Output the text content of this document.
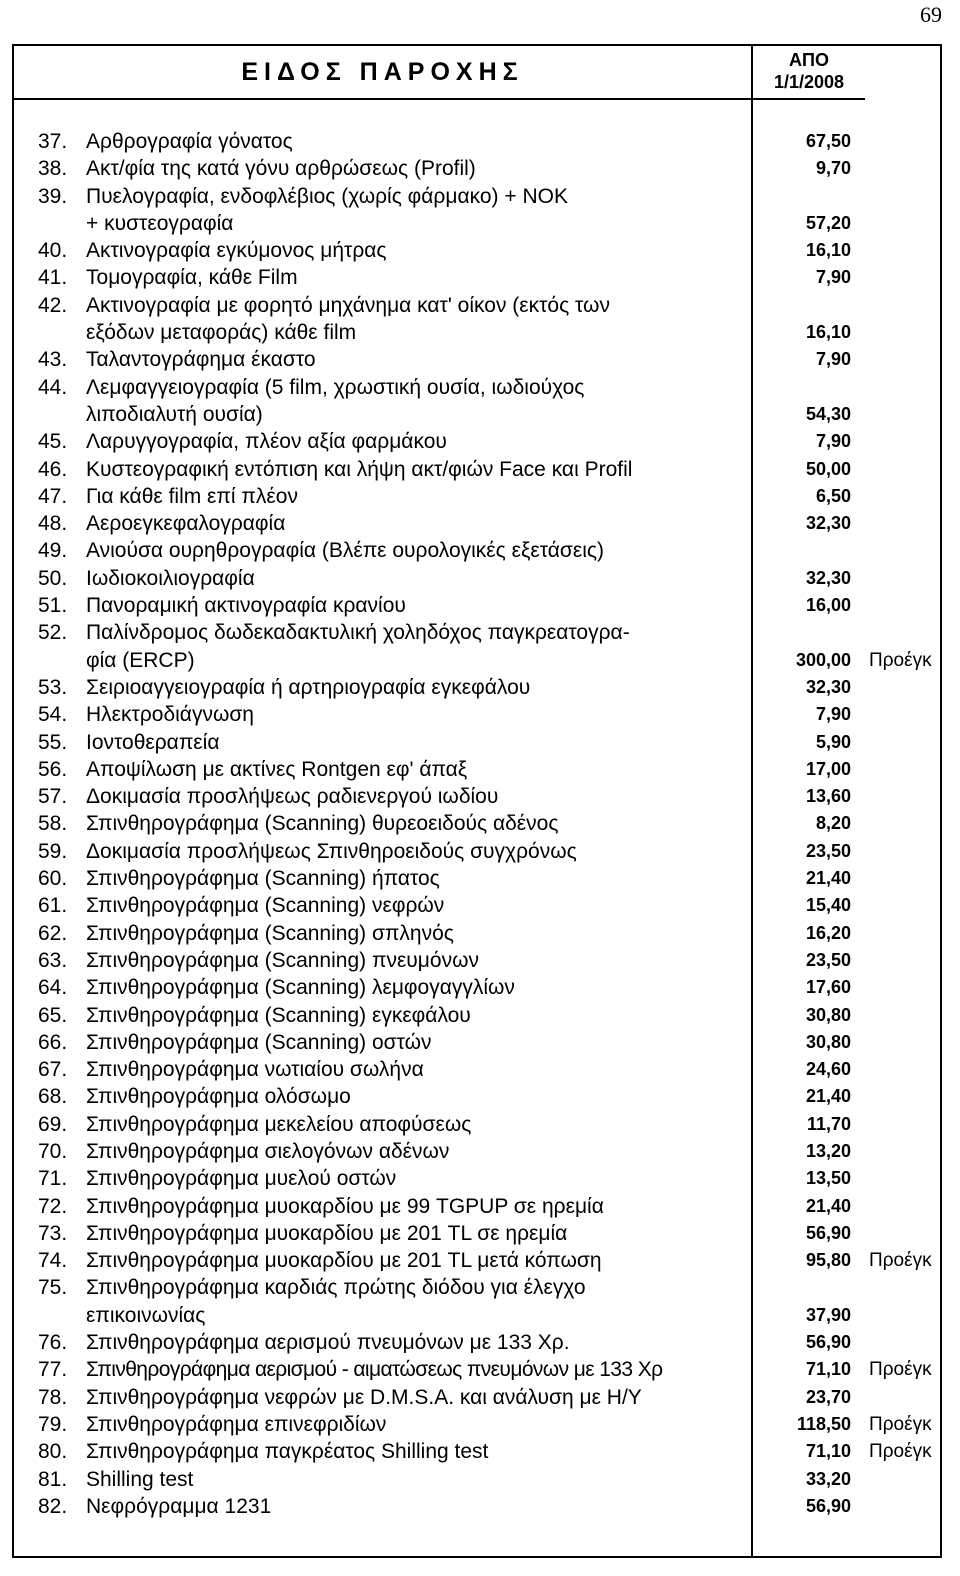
69
ΕΙΔΟΣ ΠΑΡΟΧΗΣ	ΑΠΟ
1/1/2008
37. Αρθρογραφία γόνατος	67,50
38. Ακτ/φία της κατά γόνυ αρθρώσεως (Profil)	9,70
39. Πυελογραφία, ενδοφλέβιος (χωρίς φάρμακο) + ΝΟΚ
+ κυστεογραφία	57,20
40. Ακτινογραφία εγκύμονος μήτρας	16,10
41. Τομογραφία, κάθε Film	7,90
42. Ακτινογραφία με φορητό μηχάνημα κατ' οίκον (εκτός των
εξόδων μεταφοράς) κάθε film	16,10
43. Ταλαντογράφημα έκαστο	7,90
44. Λεμφαγγειογραφία (5 film, χρωστική ουσία, ιωδιούχος
λιποδιαλυτή ουσία)	54,30
45. Λαρυγγογραφία, πλέον αξία φαρμάκου	7,90
46. Κυστεογραφική εντόπιση και λήψη ακτ/φιών Face και Profil	50,00
47. Για κάθε film επί πλέον	6,50
48. Αεροεγκεφαλογραφία	32,30
49. Ανιούσα ουρηθρογραφία (Βλέπε ουρολογικές εξετάσεις)
50. Ιωδιοκοιλιογραφία	32,30
51. Πανοραμική ακτινογραφία κρανίου	16,00
52. Παλίνδρομος δωδεκαδακτυλική χοληδόχος παγκρεατογρα-
φία (ERCP)	300,00 Προέγκ
53. Σειριοαγγειογραφία ή αρτηριογραφία εγκεφάλου	32,30
54. Ηλεκτροδιάγνωση	7,90
55. Ιοντοθεραπεία	5,90
56. Αποψίλωση με ακτίνες Rontgen εφ' άπαξ	17,00
57. Δοκιμασία προσλήψεως ραδιενεργού ιωδίου	13,60
58. Σπινθηρογράφημα (Scanning) θυρεοειδούς αδένος	8,20
59. Δοκιμασία προσλήψεως Σπινθηροειδούς συγχρόνως	23,50
60. Σπινθηρογράφημα (Scanning) ήπατος	21,40
61. Σπινθηρογράφημα (Scanning) νεφρών	15,40
62. Σπινθηρογράφημα (Scanning) σπληνός	16,20
63. Σπινθηρογράφημα (Scanning) πνευμόνων	23,50
64. Σπινθηρογράφημα (Scanning) λεμφογαγγλίων	17,60
65. Σπινθηρογράφημα (Scanning) εγκεφάλου	30,80
66. Σπινθηρογράφημα (Scanning) οστών	30,80
67. Σπινθηρογράφημα νωτιαίου σωλήνα	24,60
68. Σπινθηρογράφημα ολόσωμο	21,40
69. Σπινθηρογράφημα μεκελείου αποφύσεως	11,70
70. Σπινθηρογράφημα σιελογόνων αδένων	13,20
71. Σπινθηρογράφημα μυελού οστών	13,50
72. Σπινθηρογράφημα μυοκαρδίου με 99 TGPUP σε ηρεμία	21,40
73. Σπινθηρογράφημα μυοκαρδίου με 201 TL σε ηρεμία	56,90
74. Σπινθηρογράφημα μυοκαρδίου με 201 TL μετά κόπωση	95,80 Προέγκ
75. Σπινθηρογράφημα καρδιάς πρώτης διόδου για έλεγχο
επικοινωνίας	37,90
76. Σπινθηρογράφημα αερισμού πνευμόνων με 133 Χρ.	56,90
77. Σπινθηρογράφημα αερισμού - αιματώσεως πνευμόνων με 133 Χρ	71,10 Προέγκ
78. Σπινθηρογράφημα νεφρών με D.M.S.A. και ανάλυση με Η/Υ	23,70
79. Σπινθηρογράφημα επινεφριδίων	118,50 Προέγκ
80. Σπινθηρογράφημα παγκρέατος Shilling test	71,10 Προέγκ
81. Shilling test	33,20
82. Νεφρόγραμμα 1231	56,90
